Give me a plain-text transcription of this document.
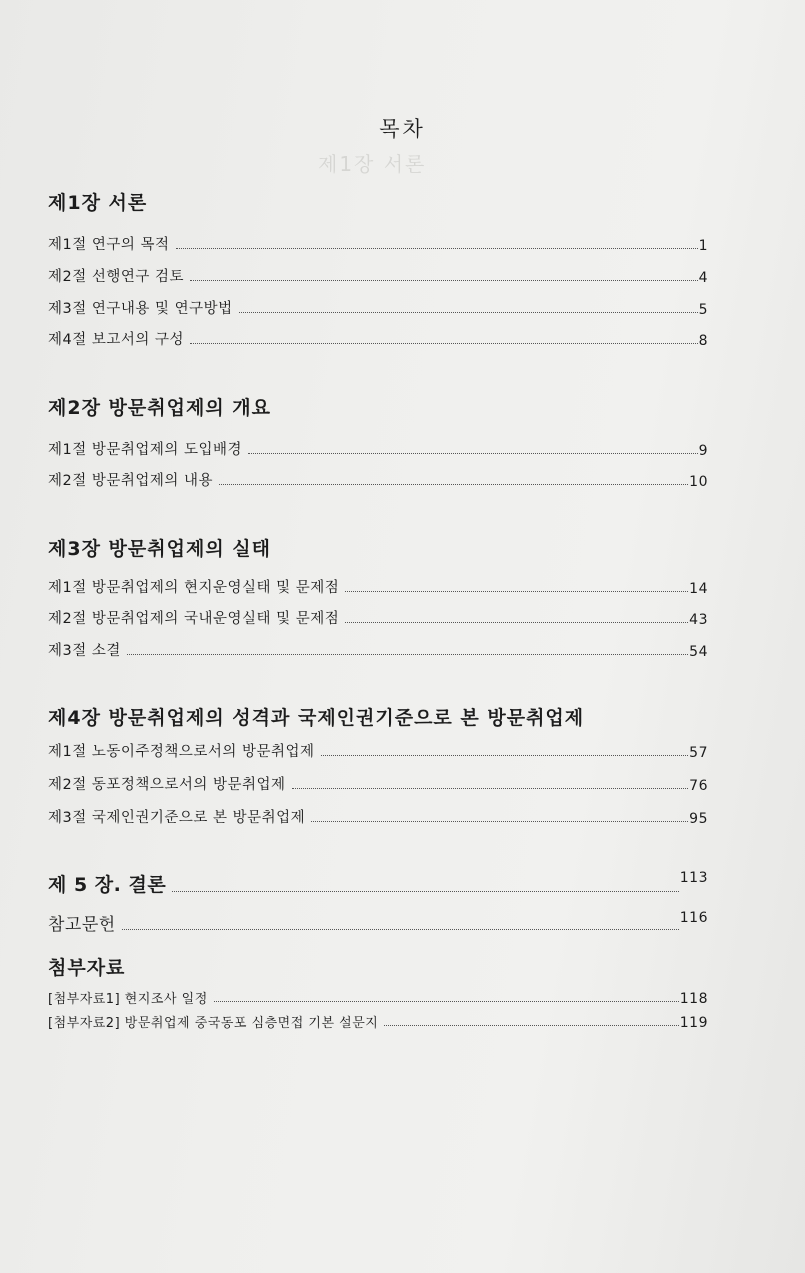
제1장 서론
목차
제1장 서론
제1절 연구의 목적	1
제2절 선행연구 검토	4
제3절 연구내용 및 연구방법	5
제4절 보고서의 구성	8
제2장 방문취업제의 개요
제1절 방문취업제의 도입배경	9
제2절 방문취업제의 내용	10
제3장 방문취업제의 실태
제1절 방문취업제의 현지운영실태 및 문제점	14
제2절 방문취업제의 국내운영실태 및 문제점	43
제3절 소결	54
제4장 방문취업제의 성격과 국제인권기준으로 본 방문취업제
제1절 노동이주정책으로서의 방문취업제	57
제2절 동포정책으로서의 방문취업제	76
제3절 국제인권기준으로 본 방문취업제	95
제 5 장. 결론	113
참고문헌	116
첨부자료
[첨부자료1] 현지조사 일정	118
[첨부자료2] 방문취업제 중국동포 심층면접 기본 설문지	119
